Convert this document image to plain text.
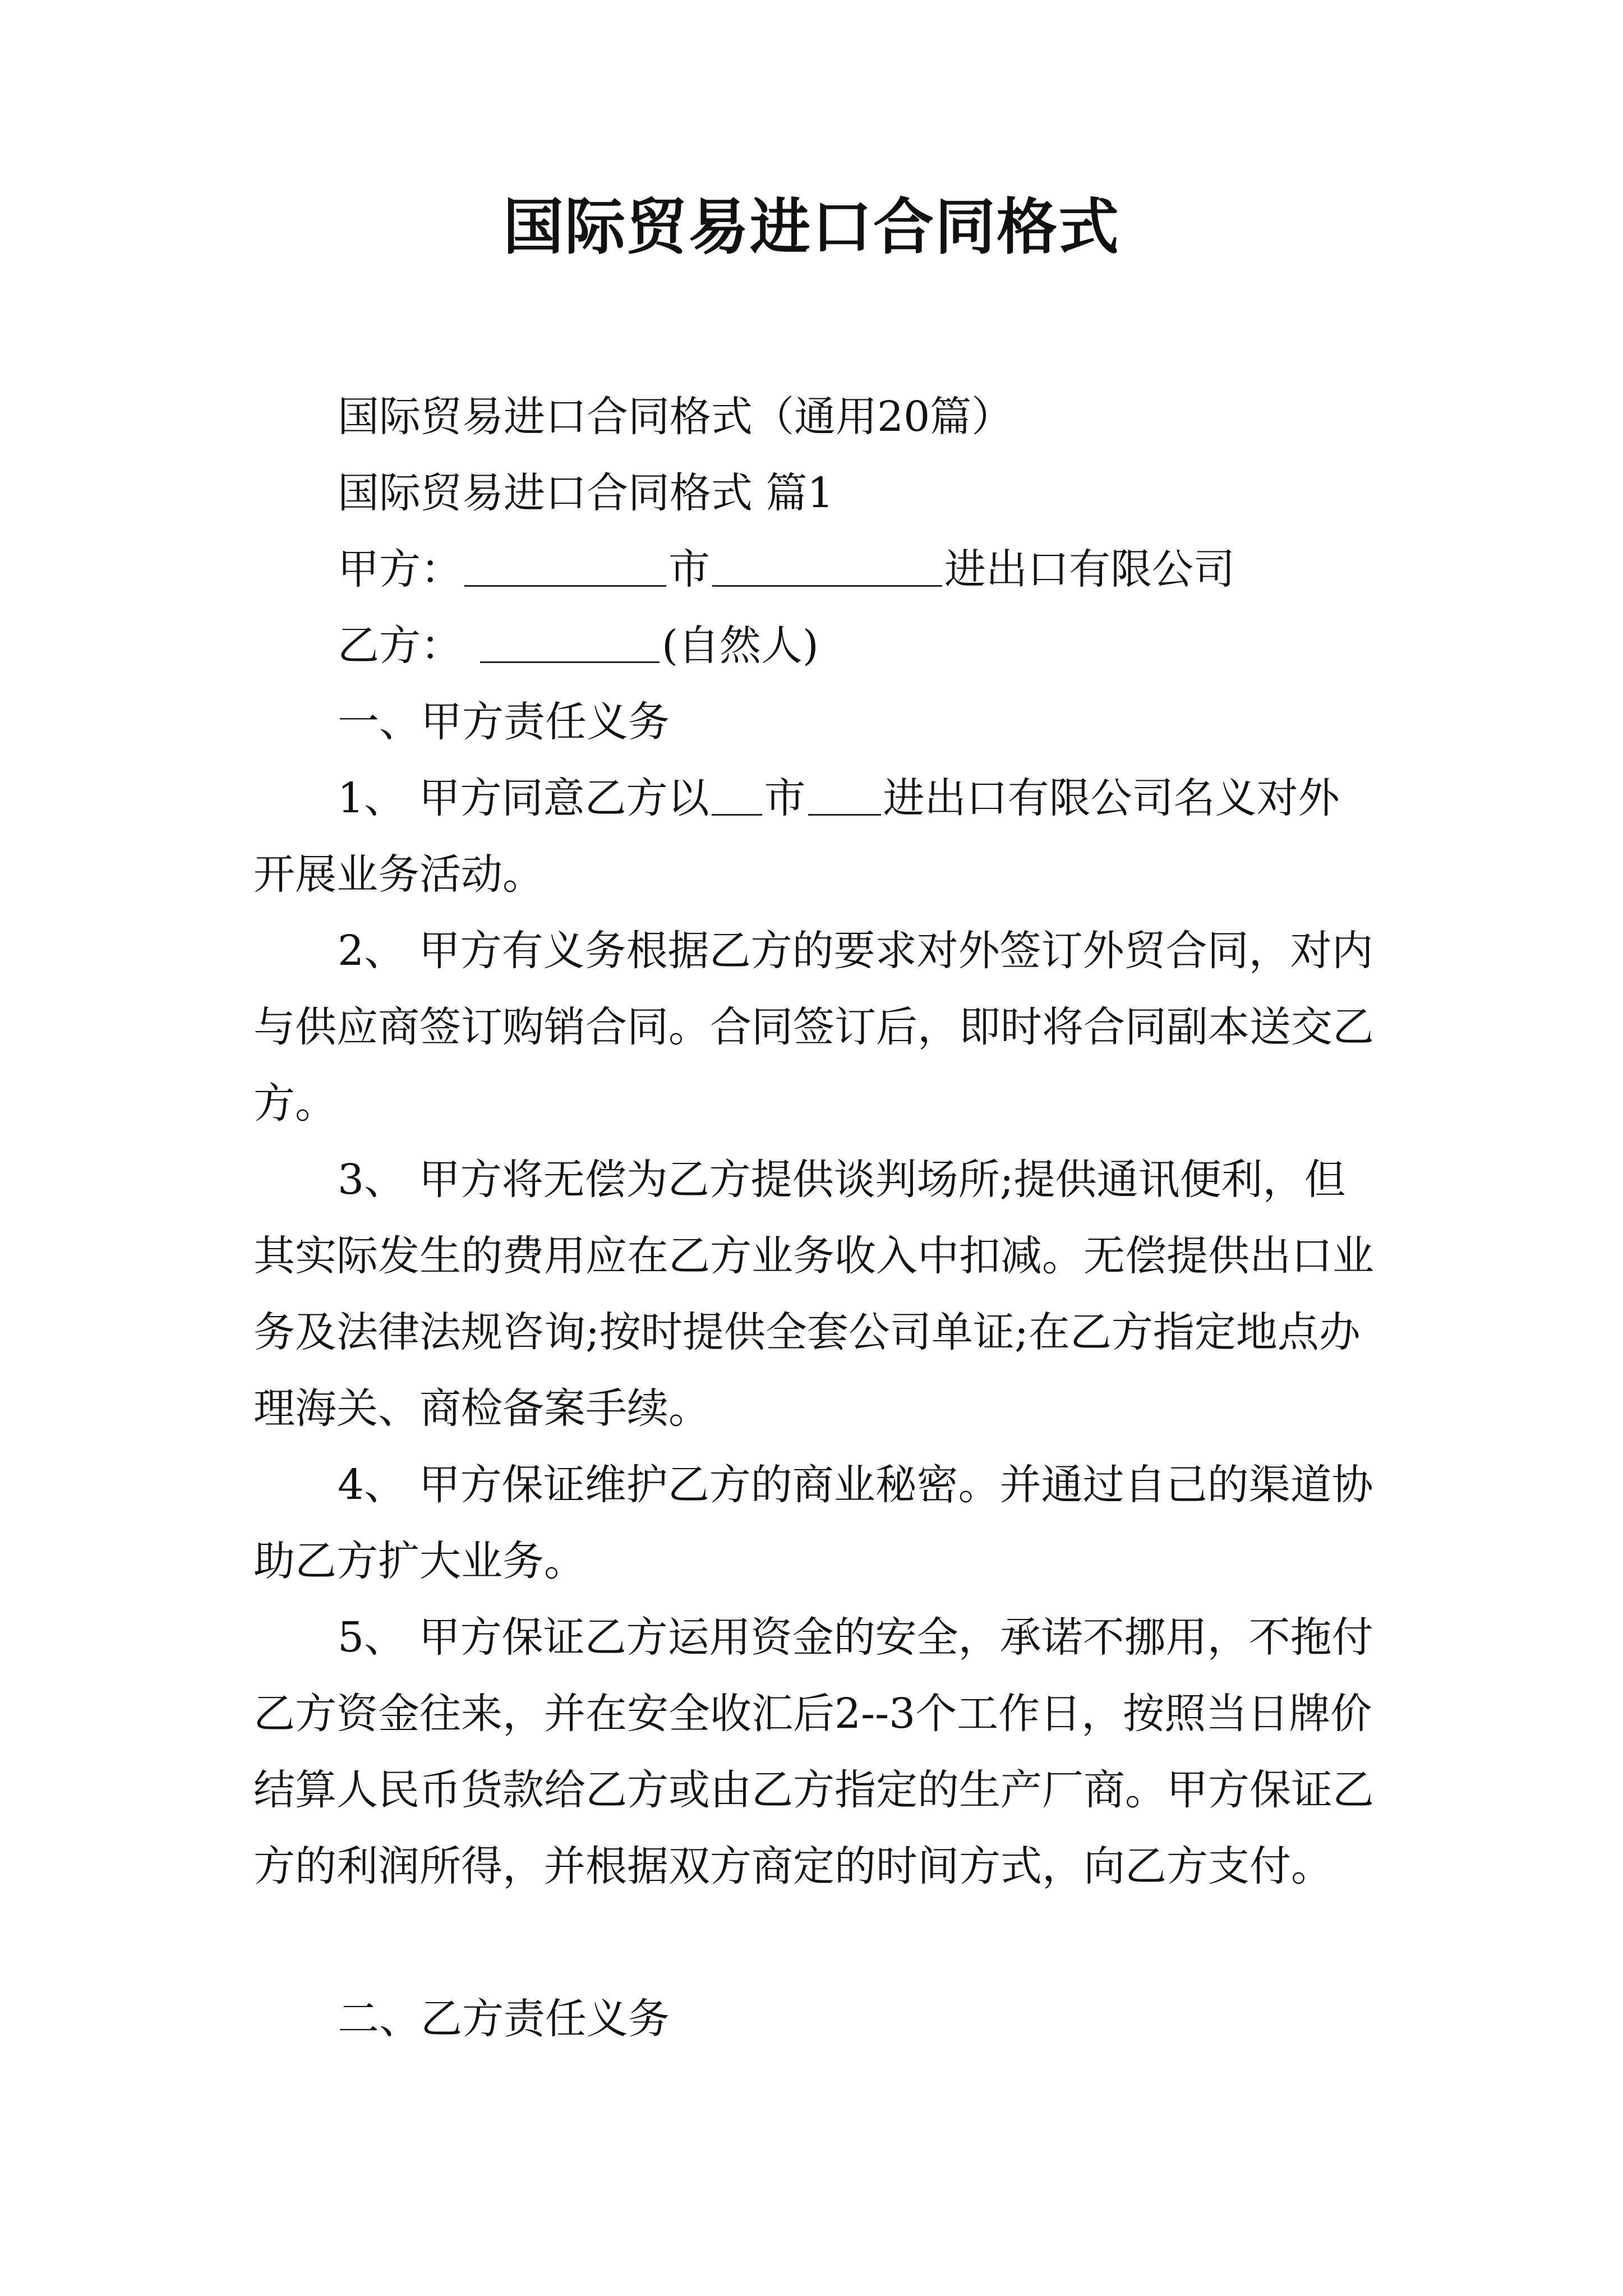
国际贸易进口合同格式
国际贸易进口合同格式（通用20篇）
国际贸易进口合同格式 篇1
甲方：	市	进出口有限公司
乙方：	(自然人)
一、甲方责任义务
1、 甲方同意乙方以 市 进出口有限公司名义对外开展业务活动。
2、 甲方有义务根据乙方的要求对外签订外贸合同，对内与供应商签订购销合同。合同签订后，即时将合同副本送交乙方。
3、 甲方将无偿为乙方提供谈判场所;提供通讯便利，但其实际发生的费用应在乙方业务收入中扣减。无偿提供出口业务及法律法规咨询;按时提供全套公司单证;在乙方指定地点办理海关、商检备案手续。
4、 甲方保证维护乙方的商业秘密。并通过自己的渠道协助乙方扩大业务。
5、 甲方保证乙方运用资金的安全，承诺不挪用，不拖付乙方资金往来，并在安全收汇后2--3个工作日，按照当日牌价结算人民币货款给乙方或由乙方指定的生产厂商。甲方保证乙方的利润所得，并根据双方商定的时间方式，向乙方支付。
二、乙方责任义务
